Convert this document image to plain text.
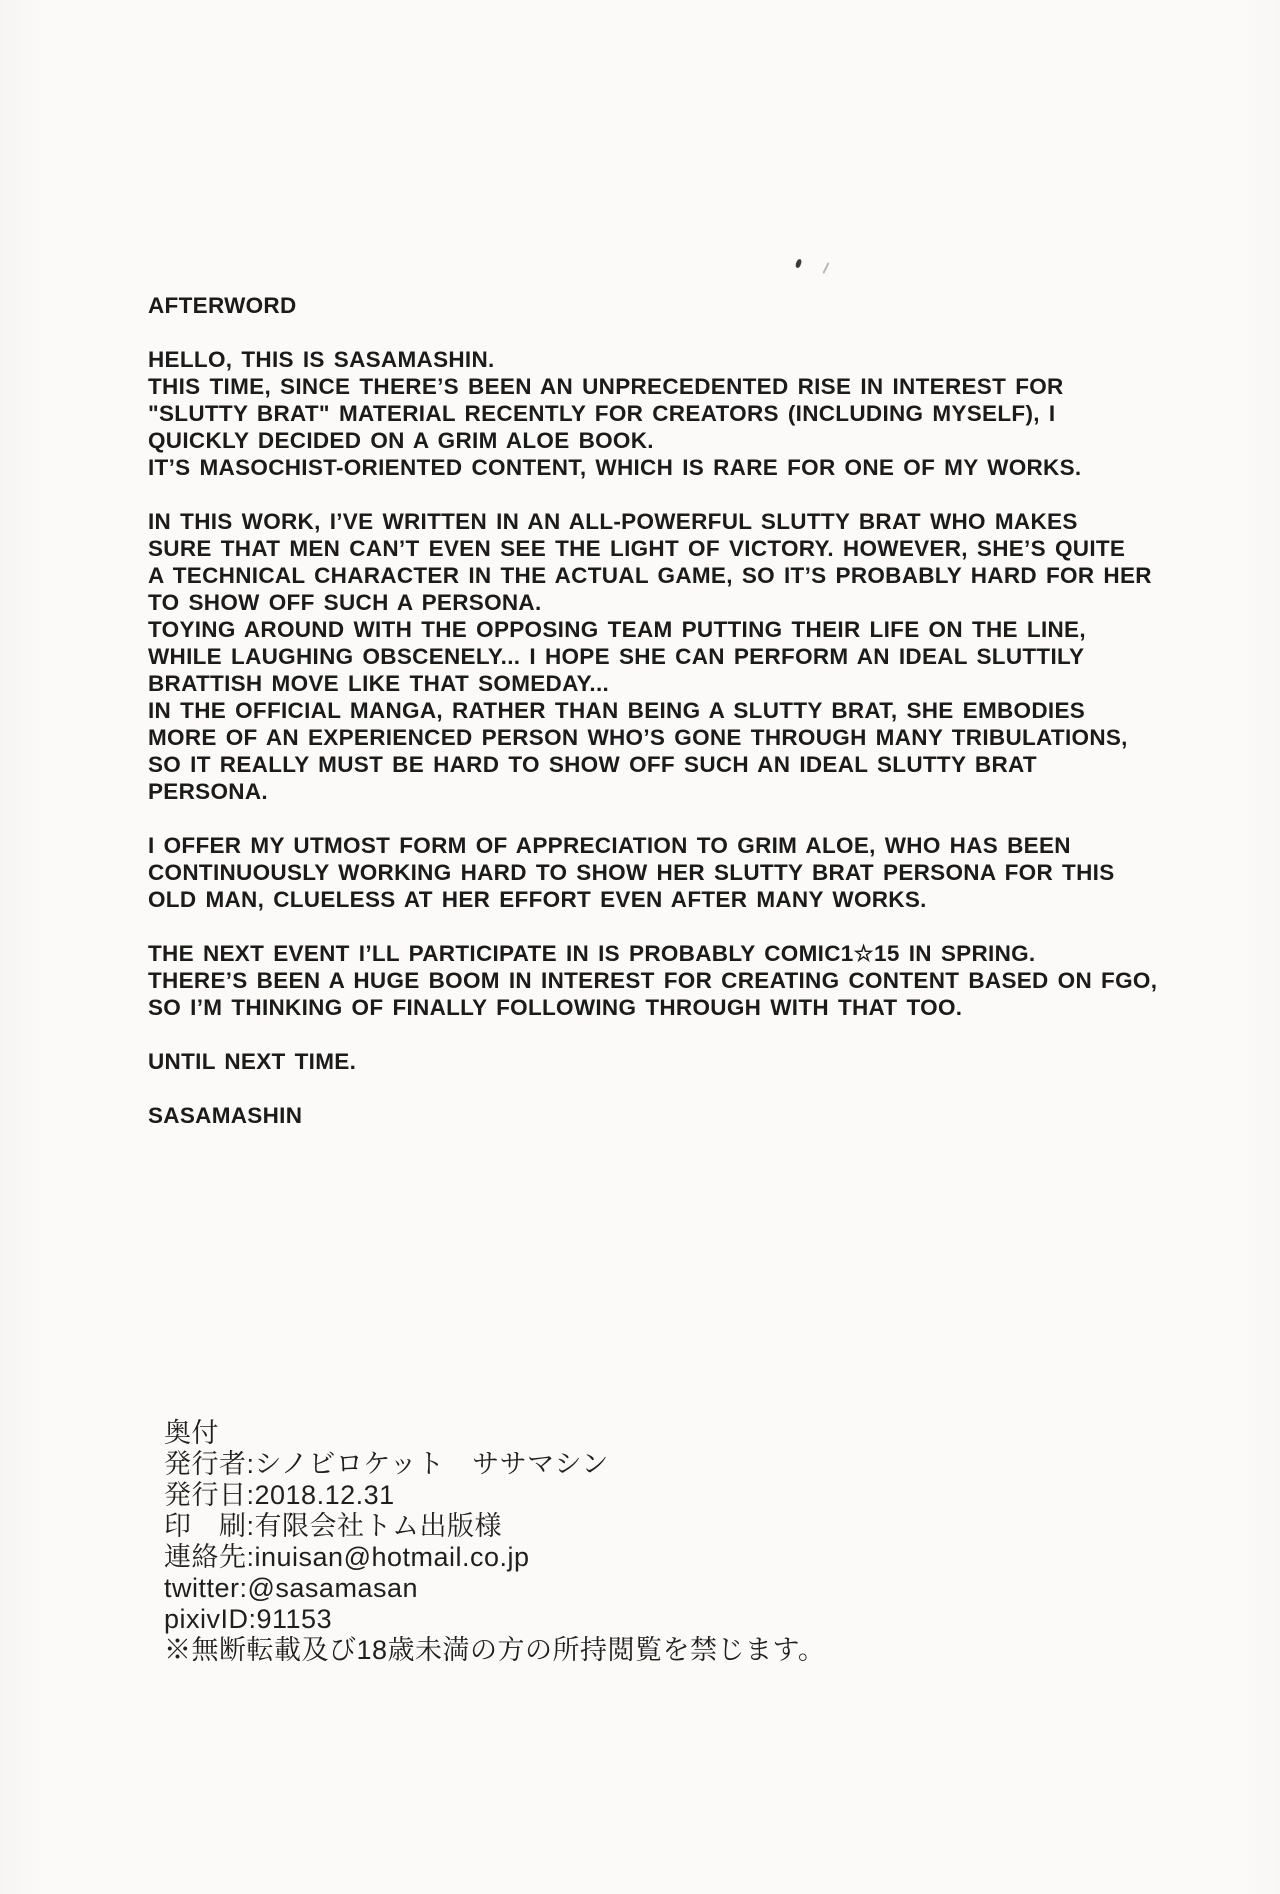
AFTERWORD
HELLO, THIS IS SASAMASHIN.
THIS TIME, SINCE THERE’S BEEN AN UNPRECEDENTED RISE IN INTEREST FOR
"SLUTTY BRAT" MATERIAL RECENTLY FOR CREATORS (INCLUDING MYSELF), I
QUICKLY DECIDED ON A GRIM ALOE BOOK.
IT’S MASOCHIST-ORIENTED CONTENT, WHICH IS RARE FOR ONE OF MY WORKS.
IN THIS WORK, I’VE WRITTEN IN AN ALL-POWERFUL SLUTTY BRAT WHO MAKES
SURE THAT MEN CAN’T EVEN SEE THE LIGHT OF VICTORY. HOWEVER, SHE’S QUITE
A TECHNICAL CHARACTER IN THE ACTUAL GAME, SO IT’S PROBABLY HARD FOR HER
TO SHOW OFF SUCH A PERSONA.
TOYING AROUND WITH THE OPPOSING TEAM PUTTING THEIR LIFE ON THE LINE,
WHILE LAUGHING OBSCENELY... I HOPE SHE CAN PERFORM AN IDEAL SLUTTILY
BRATTISH MOVE LIKE THAT SOMEDAY...
IN THE OFFICIAL MANGA, RATHER THAN BEING A SLUTTY BRAT, SHE EMBODIES
MORE OF AN EXPERIENCED PERSON WHO’S GONE THROUGH MANY TRIBULATIONS,
SO IT REALLY MUST BE HARD TO SHOW OFF SUCH AN IDEAL SLUTTY BRAT
PERSONA.
I OFFER MY UTMOST FORM OF APPRECIATION TO GRIM ALOE, WHO HAS BEEN
CONTINUOUSLY WORKING HARD TO SHOW HER SLUTTY BRAT PERSONA FOR THIS
OLD MAN, CLUELESS AT HER EFFORT EVEN AFTER MANY WORKS.
THE NEXT EVENT I’LL PARTICIPATE IN IS PROBABLY COMIC1☆15 IN SPRING.
THERE’S BEEN A HUGE BOOM IN INTEREST FOR CREATING CONTENT BASED ON FGO,
SO I’M THINKING OF FINALLY FOLLOWING THROUGH WITH THAT TOO.
UNTIL NEXT TIME.
SASAMASHIN
奥付
発行者:シノビロケット　ササマシン
発行日:2018.12.31
印　刷:有限会社トム出版様
連絡先:inuisan@hotmail.co.jp
twitter:@sasamasan
pixivID:91153
※無断転載及び18歳未満の方の所持閲覧を禁じます。
